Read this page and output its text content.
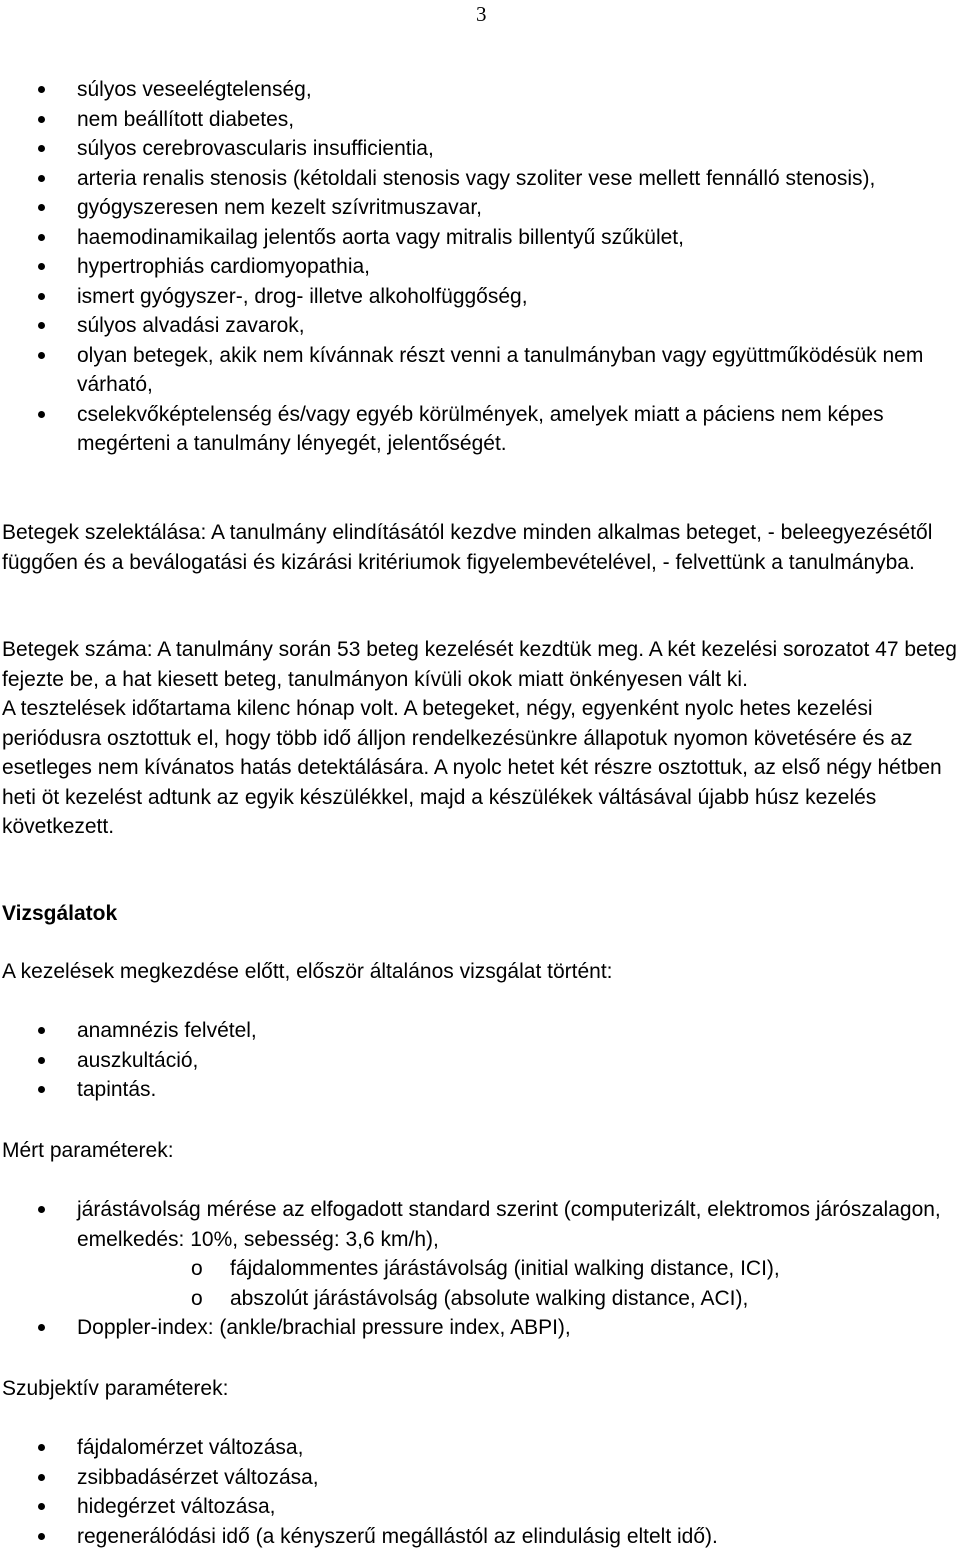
3
súlyos veseelégtelenség,
nem beállított diabetes,
súlyos cerebrovascularis insufficientia,
arteria renalis stenosis (kétoldali stenosis vagy szoliter vese mellett fennálló stenosis),
gyógyszeresen nem kezelt szívritmuszavar,
haemodinamikailag jelentős aorta vagy mitralis billentyű szűkület,
hypertrophiás cardiomyopathia,
ismert gyógyszer-, drog- illetve alkoholfüggőség,
súlyos alvadási zavarok,
olyan betegek, akik nem kívánnak részt venni a tanulmányban vagy együttműködésük nem várható,
cselekvőképtelenség és/vagy egyéb körülmények, amelyek miatt a páciens nem képes megérteni a tanulmány lényegét, jelentőségét.

Betegek szelektálása: A tanulmány elindításától kezdve minden alkalmas beteget, - beleegyezésétől függően és a beválogatási és kizárási kritériumok figyelembevételével, - felvettünk a tanulmányba.

Betegek száma: A tanulmány során 53 beteg kezelését kezdtük meg. A két kezelési sorozatot 47 beteg fejezte be, a hat kiesett beteg, tanulmányon kívüli okok miatt önkényesen vált ki.

A tesztelések időtartama kilenc hónap volt. A betegeket, négy, egyenként nyolc hetes kezelési periódusra osztottuk el, hogy több idő álljon rendelkezésünkre állapotuk nyomon követésére és az esetleges nem kívánatos hatás detektálására. A nyolc hetet két részre osztottuk, az első négy hétben heti öt kezelést adtunk az egyik készülékkel, majd a készülékek váltásával újabb húsz kezelés következett.

Vizsgálatok

A kezelések megkezdése előtt, először általános vizsgálat történt:

anamnézis felvétel,
auszkultáció,
tapintás.

Mért paraméterek:

járástávolság mérése az elfogadott standard szerint (computerizált, elektromos járószalagon, emelkedés: 10%, sebesség: 3,6 km/h),
o fájdalommentes járástávolság (initial walking distance, ICI),
o abszolút járástávolság (absolute walking distance, ACI),
Doppler-index: (ankle/brachial pressure index, ABPI),

Szubjektív paraméterek:

fájdalomérzet változása,
zsibbadásérzet változása,
hidegérzet változása,
regenerálódási idő (a kényszerű megállástól az elindulásig eltelt idő).
